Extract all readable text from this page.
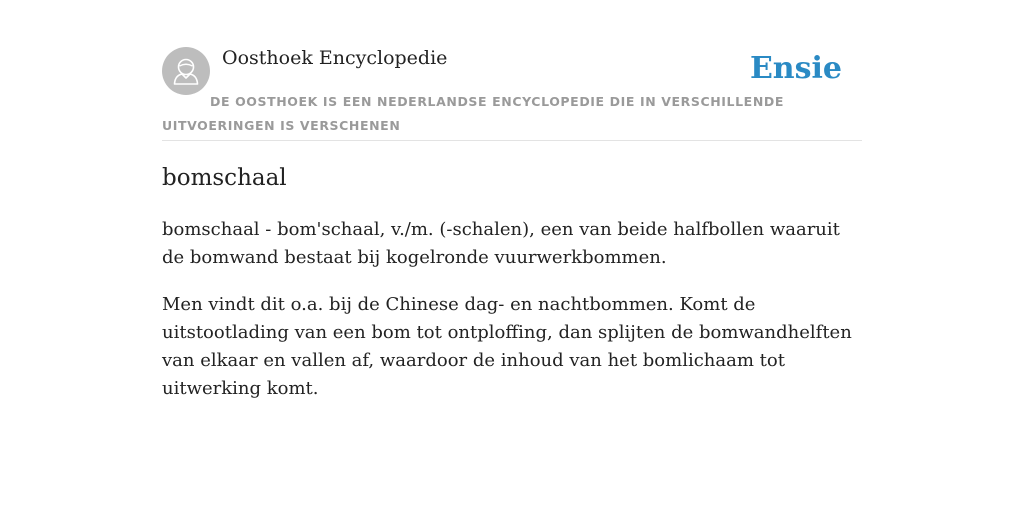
Oosthoek Encyclopedie	Ensie
DE OOSTHOEK IS EEN NEDERLANDSE ENCYCLOPEDIE DIE IN VERSCHILLENDE UITVOERINGEN IS VERSCHENEN
bomschaal

bomschaal - bom'schaal, v./m. (-schalen), een van beide halfbollen waaruit de bomwand bestaat bij kogelronde vuurwerkbommen.

Men vindt dit o.a. bij de Chinese dag- en nachtbommen. Komt de uitstootlading van een bom tot ontploffing, dan splijten de bomwandhelften van elkaar en vallen af, waardoor de inhoud van het bomlichaam tot uitwerking komt.
